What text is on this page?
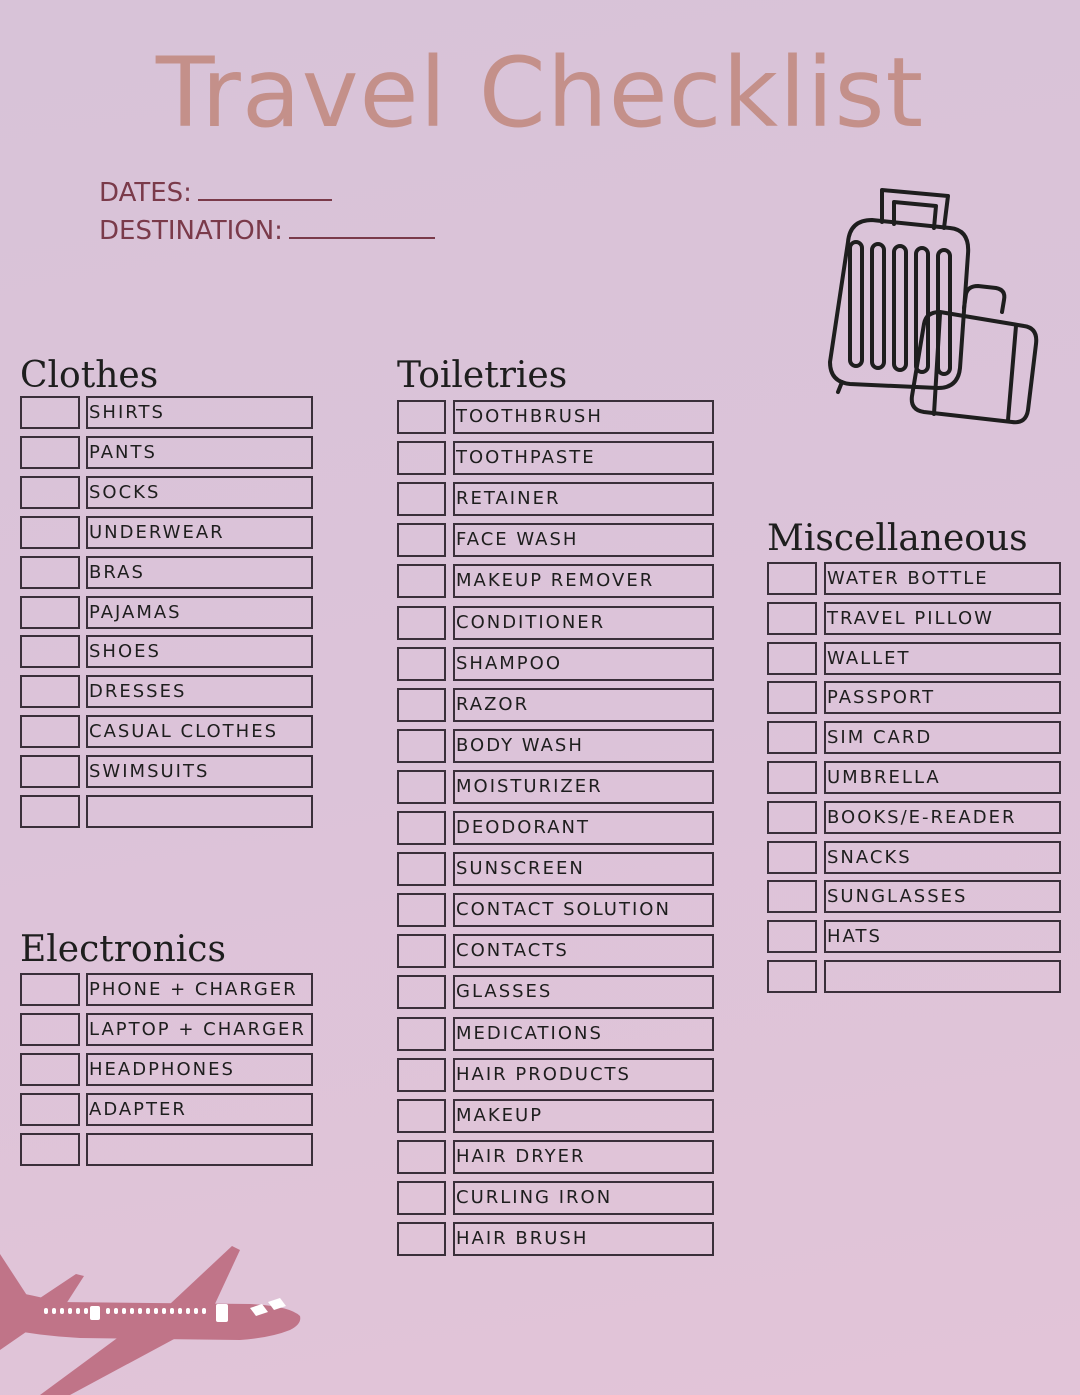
Travel Checklist
DATES:
DESTINATION:
Clothes
SHIRTS
PANTS
SOCKS
UNDERWEAR
BRAS
PAJAMAS
SHOES
DRESSES
CASUAL CLOTHES
SWIMSUITS
Electronics
PHONE + CHARGER
LAPTOP + CHARGER
HEADPHONES
ADAPTER
Toiletries
TOOTHBRUSH
TOOTHPASTE
RETAINER
FACE WASH
MAKEUP REMOVER
CONDITIONER
SHAMPOO
RAZOR
BODY WASH
MOISTURIZER
DEODORANT
SUNSCREEN
CONTACT SOLUTION
CONTACTS
GLASSES
MEDICATIONS
HAIR PRODUCTS
MAKEUP
HAIR DRYER
CURLING IRON
HAIR BRUSH
Miscellaneous
WATER BOTTLE
TRAVEL PILLOW
WALLET
PASSPORT
SIM CARD
UMBRELLA
BOOKS/E-READER
SNACKS
SUNGLASSES
HATS
